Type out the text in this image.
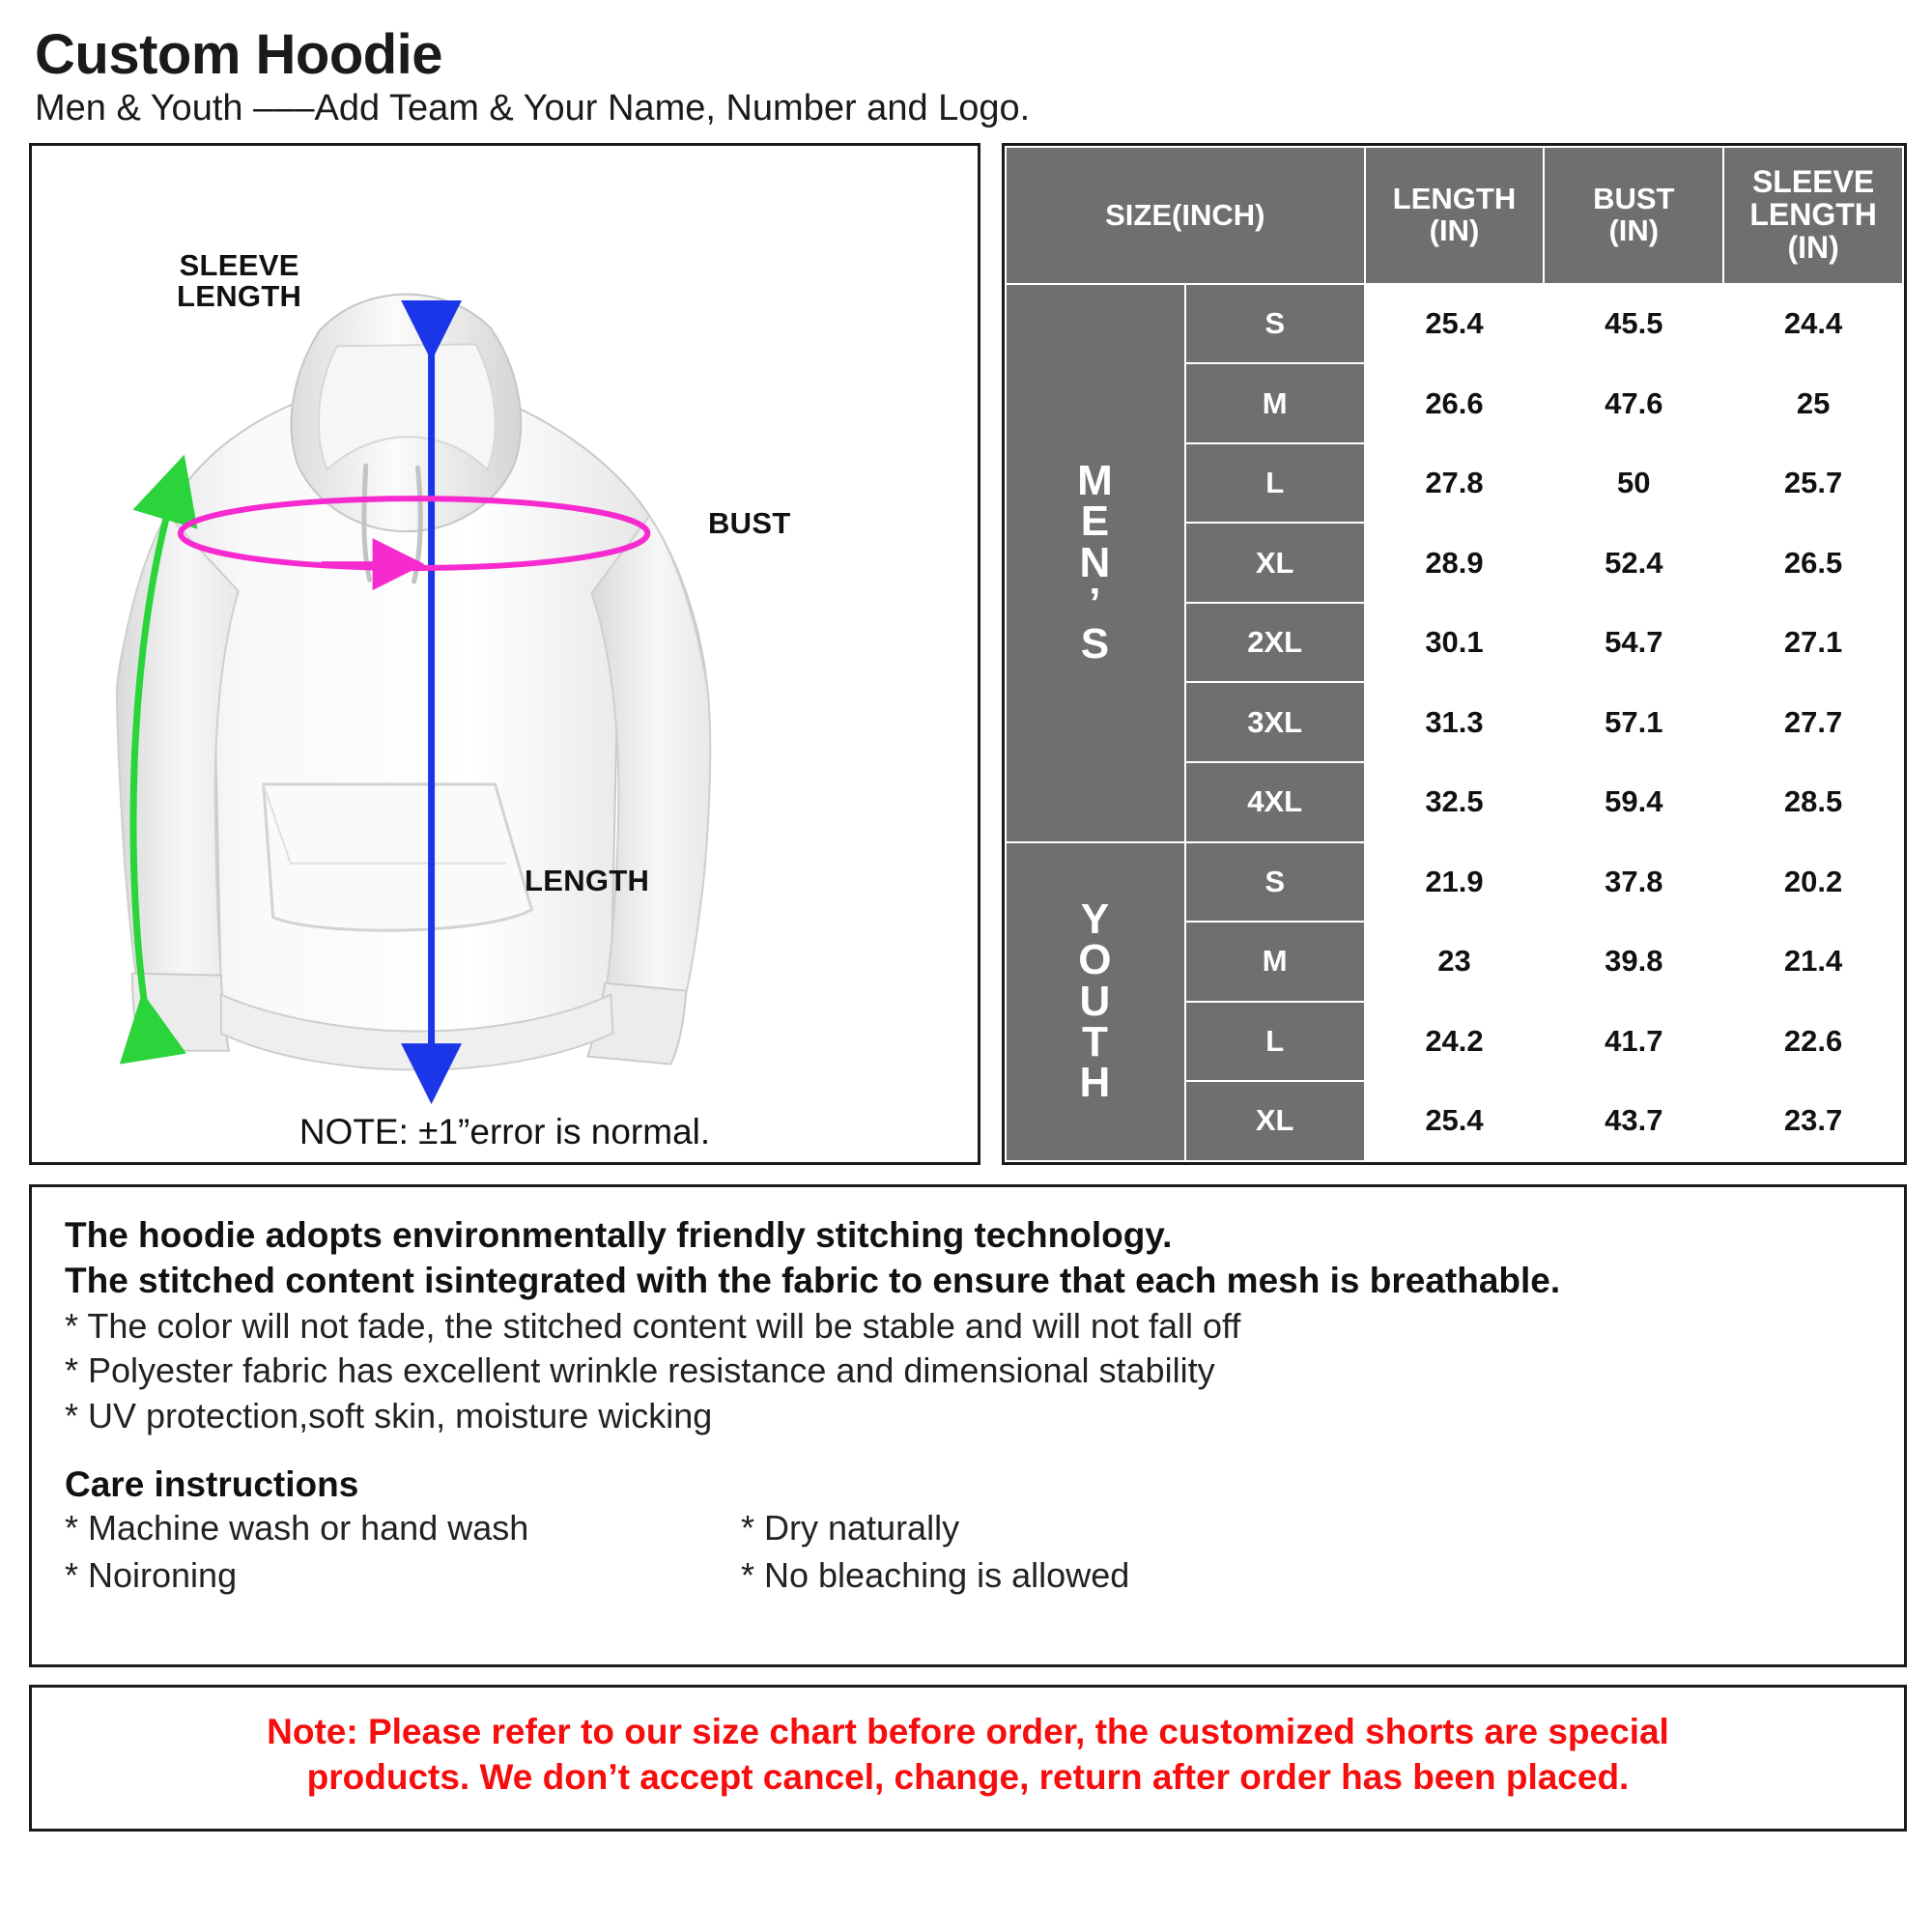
Custom Hoodie
Men & Youth –––Add Team & Your Name, Number and Logo.
SLEEVE
LENGTH
BUST
LENGTH
NOTE: ±1”error is normal.
SIZE(INCH)	LENGTH
(IN)

BUST
(IN)

SLEEVE
LENGTH
(IN)

M
E
N
’
S	S	25.4	45.5	24.4
	M	26.6	47.6	25
	L	27.8	50	25.7
	XL	28.9	52.4	26.5
	2XL	30.1	54.7	27.1
	3XL	31.3	57.1	27.7
	4XL	32.5	59.4	28.5

Y
O
U
T
H	S	21.9	37.8	20.2
	M	23	39.8	21.4
	L	24.2	41.7	22.6
	XL	25.4	43.7	23.7
The hoodie adopts environmentally friendly stitching technology.
The stitched content isintegrated with the fabric to ensure that each mesh is breathable.
* The color will not fade, the stitched content will be stable and will not fall off
* Polyester fabric has excellent wrinkle resistance and dimensional stability
* UV protection,soft skin, moisture wicking
Care instructions
* Machine wash or hand wash	* Dry naturally
* Noironing	* No bleaching is allowed
Note: Please refer to our size chart before order, the customized shorts are special
products. We don’t accept cancel, change, return after order has been placed.
